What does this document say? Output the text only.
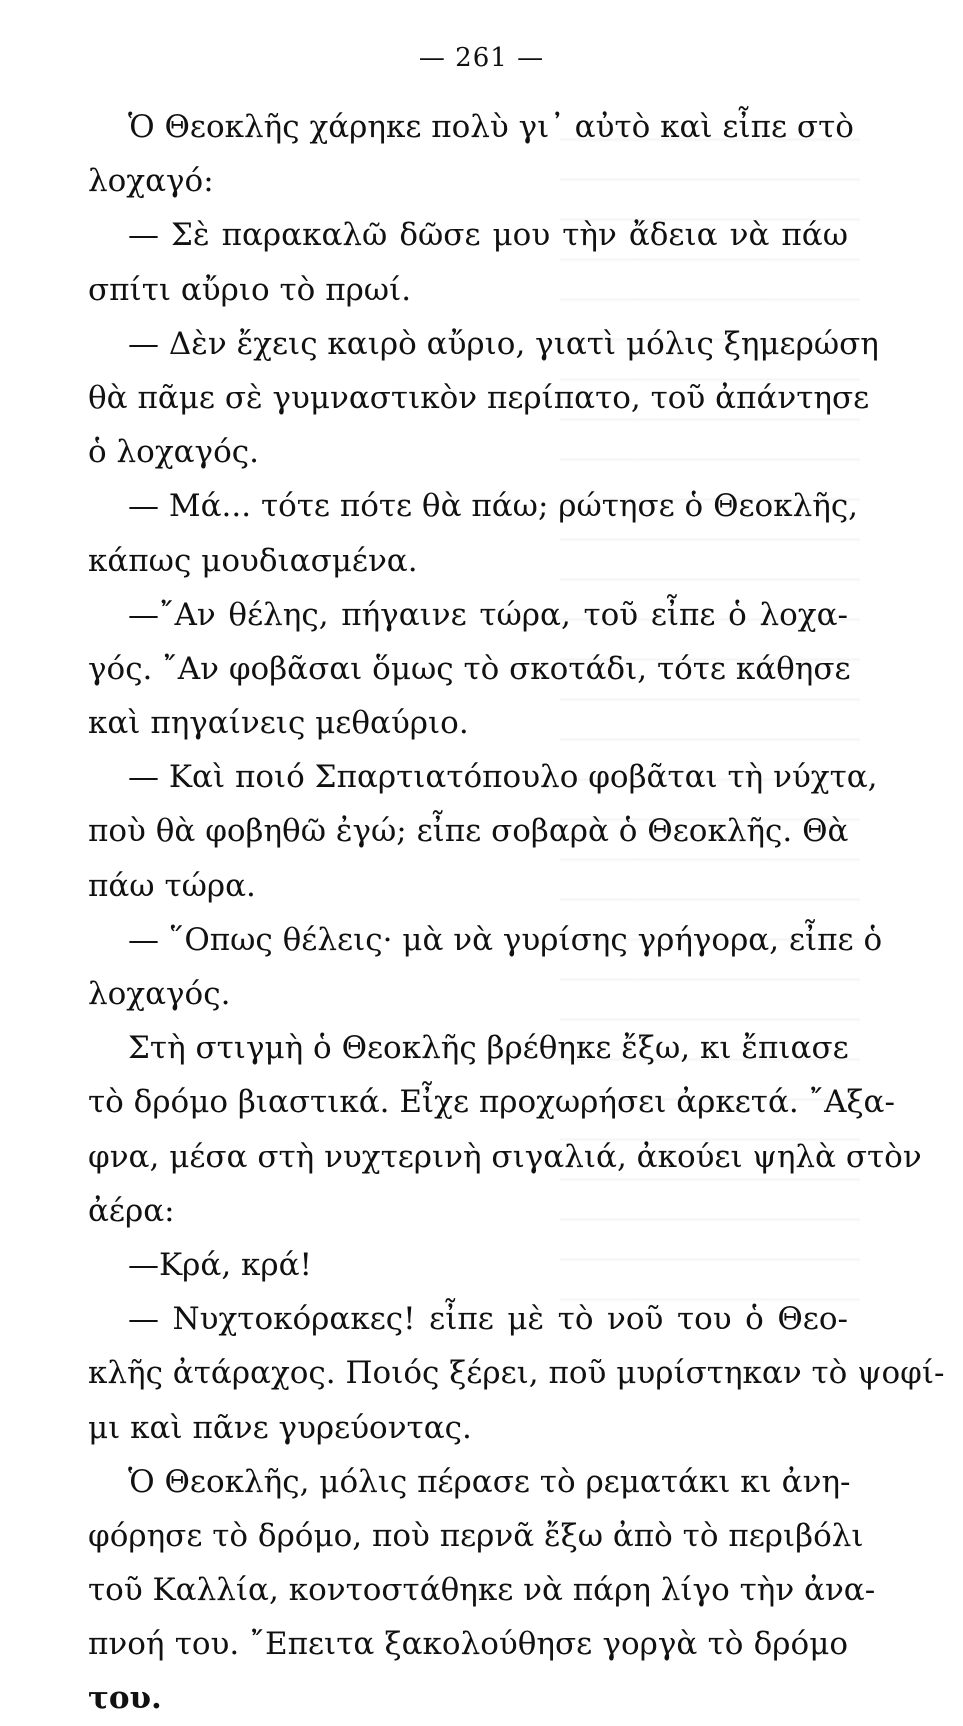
— 261 —
Ὁ Θεοκλῆς χάρηκε πολὺ γι᾽ αὐτὸ καὶ εἶπε στὸ
λοχαγό:
— Σὲ παρακαλῶ δῶσε μου τὴν ἄδεια νὰ πάω
σπίτι αὔριο τὸ πρωί.
— Δὲν ἔχεις καιρὸ αὔριο, γιατὶ μόλις ξημερώση
θὰ πᾶμε σὲ γυμναστικὸν περίπατο, τοῦ ἀπάντησε
ὁ λοχαγός.
— Μά... τότε πότε θὰ πάω; ρώτησε ὁ Θεοκλῆς,
κάπως μουδιασμένα.
—῎Αν θέλης, πήγαινε τώρα, τοῦ εἶπε ὁ λοχα-
γός. ῎Αν φοβᾶσαι ὅμως τὸ σκοτάδι, τότε κάθησε
καὶ πηγαίνεις μεθαύριο.
— Καὶ ποιό Σπαρτιατόπουλο φοβᾶται τὴ νύχτα,
ποὺ θὰ φοβηθῶ ἐγώ; εἶπε σοβαρὰ ὁ Θεοκλῆς. Θὰ
πάω τώρα.
— ῞Οπως θέλεις· μὰ νὰ γυρίσης γρήγορα, εἶπε ὁ
λοχαγός.
Στὴ στιγμὴ ὁ Θεοκλῆς βρέθηκε ἔξω, κι ἔπιασε
τὸ δρόμο βιαστικά. Εἶχε προχωρήσει ἀρκετά. ῎Αξα-
φνα, μέσα στὴ νυχτερινὴ σιγαλιά, ἀκούει ψηλὰ στὸν
ἀέρα:
—Κρά, κρά!
— Νυχτοκόρακες! εἶπε μὲ τὸ νοῦ του ὁ Θεο-
κλῆς ἀτάραχος. Ποιός ξέρει, ποῦ μυρίστηκαν τὸ ψοφί-
μι καὶ πᾶνε γυρεύοντας.
Ὁ Θεοκλῆς, μόλις πέρασε τὸ ρεματάκι κι ἀνη-
φόρησε τὸ δρόμο, ποὺ περνᾶ ἔξω ἀπὸ τὸ περιβόλι
τοῦ Καλλία, κοντοστάθηκε νὰ πάρη λίγο τὴν ἀνα-
πνοή του. ῎Επειτα ξακολούθησε γοργὰ τὸ δρόμο
του.
